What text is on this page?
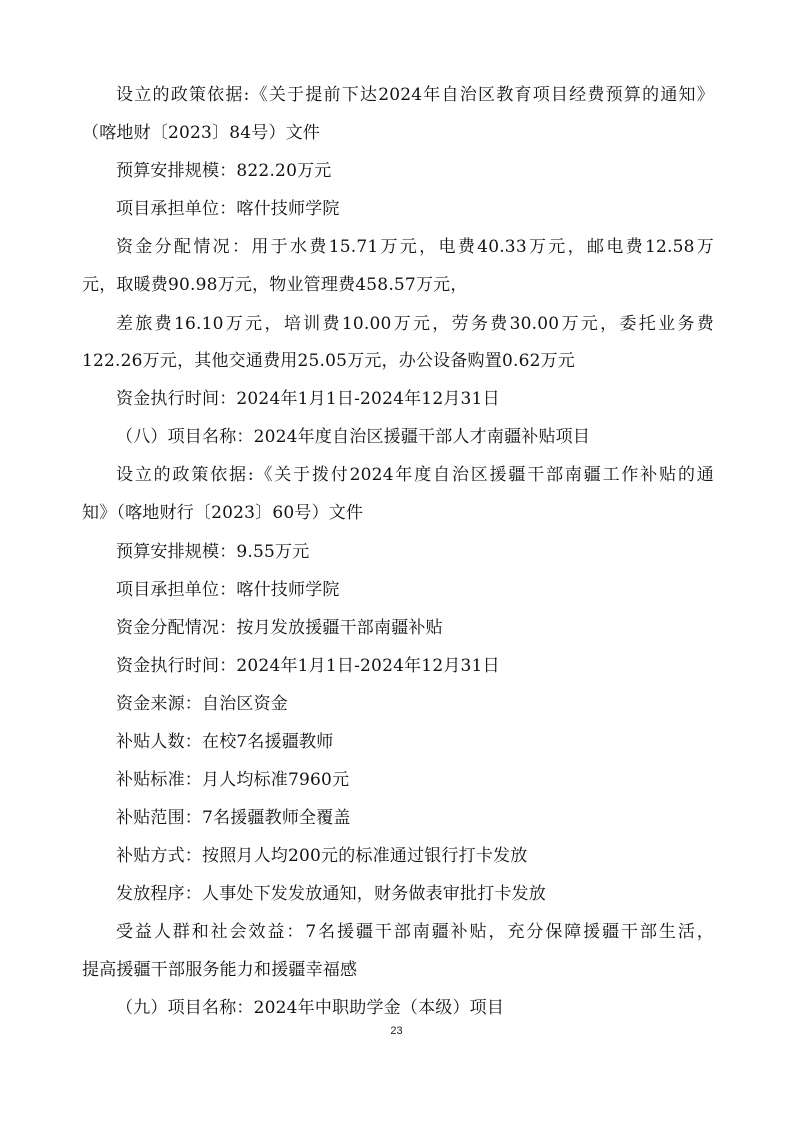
设立的政策依据:《关于提前下达2024年自治区教育项目经费预算的通知》
（喀地财〔2023〕84号）文件
预算安排规模：822.20万元
项目承担单位：喀什技师学院
资金分配情况：用于水费15.71万元，电费40.33万元，邮电费12.58万
元，取暖费90.98万元，物业管理费458.57万元，
差旅费16.10万元，培训费10.00万元，劳务费30.00万元，委托业务费
122.26万元，其他交通费用25.05万元，办公设备购置0.62万元
资金执行时间：2024年1月1日-2024年12月31日
（八）项目名称：2024年度自治区援疆干部人才南疆补贴项目
设立的政策依据:《关于拨付2024年度自治区援疆干部南疆工作补贴的通
知》（喀地财行〔2023〕60号）文件
预算安排规模：9.55万元
项目承担单位：喀什技师学院
资金分配情况：按月发放援疆干部南疆补贴
资金执行时间：2024年1月1日-2024年12月31日
资金来源：自治区资金
补贴人数：在校7名援疆教师
补贴标准：月人均标准7960元
补贴范围：7名援疆教师全覆盖
补贴方式：按照月人均200元的标准通过银行打卡发放
发放程序：人事处下发发放通知，财务做表审批打卡发放
受益人群和社会效益：7名援疆干部南疆补贴，充分保障援疆干部生活，
提高援疆干部服务能力和援疆幸福感
（九）项目名称：2024年中职助学金（本级）项目
23
